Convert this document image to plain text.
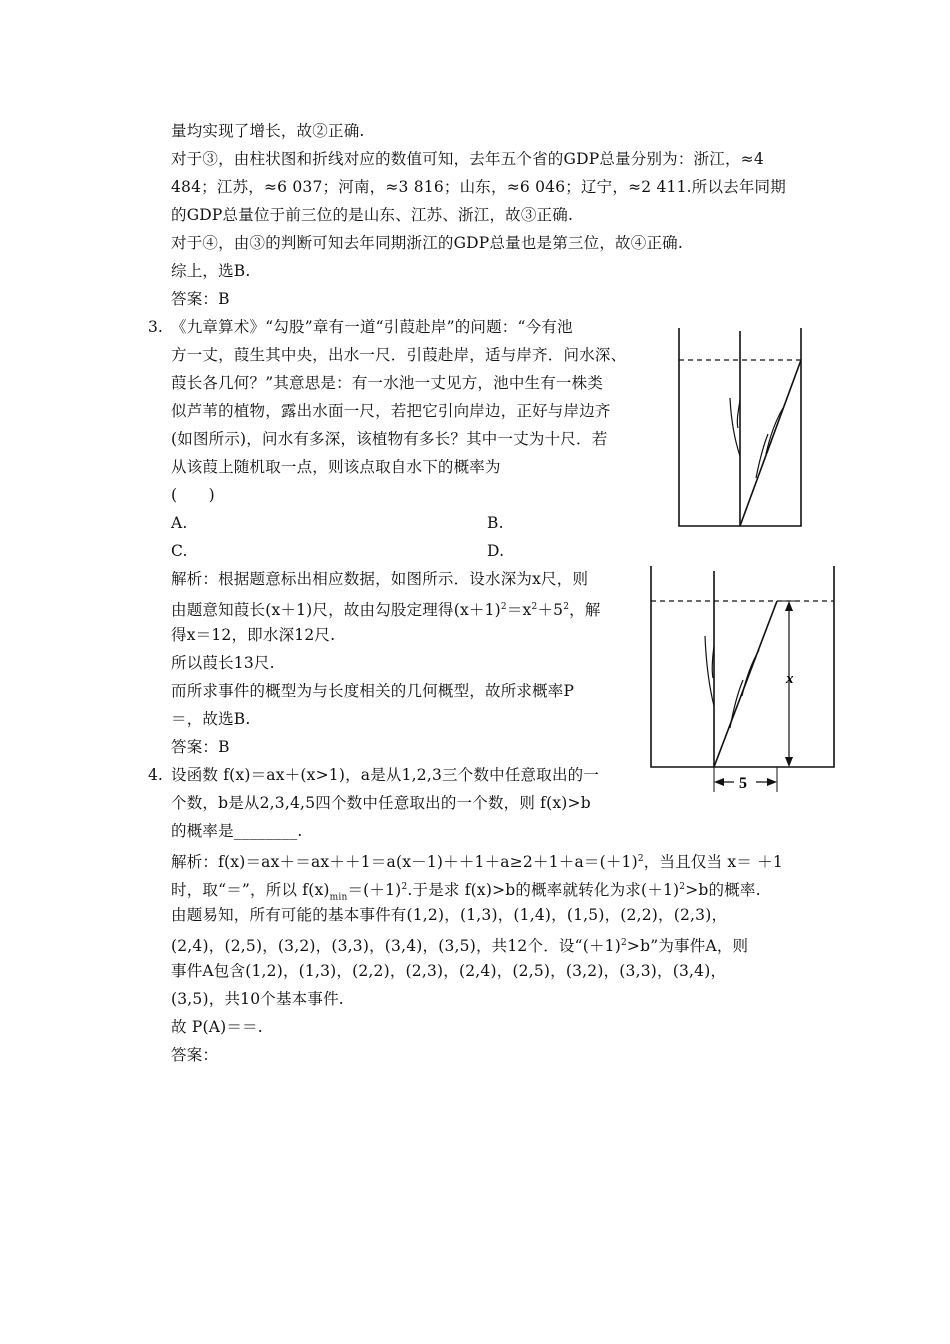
量均实现了增长，故②正确.
对于③，由柱状图和折线对应的数值可知，去年五个省的GDP总量分别为：浙江，≈4
484；江苏，≈6 037；河南，≈3 816；山东，≈6 046；辽宁，≈2 411.所以去年同期
的GDP总量位于前三位的是山东、江苏、浙江，故③正确.
对于④，由③的判断可知去年同期浙江的GDP总量也是第三位，故④正确.
综上，选B.
答案：B
3. 《九章算术》“勾股”章有一道“引葭赴岸”的问题：“今有池
方一丈，葭生其中央，出水一尺．引葭赴岸，适与岸齐．问水深、
葭长各几何？”其意思是：有一水池一丈见方，池中生有一株类
似芦苇的植物，露出水面一尺，若把它引向岸边，正好与岸边齐
(如图所示)，问水有多深，该植物有多长？其中一丈为十尺．若
从该葭上随机取一点，则该点取自水下的概率为
(　　)
A.	B.
C.	D.
解析：根据题意标出相应数据，如图所示．设水深为x尺，则
由题意知葭长(x＋1)尺，故由勾股定理得$(x+1)^2=x^2+5^2$，解
得x＝12，即水深12尺.
所以葭长13尺.
而所求事件的概型为与长度相关的几何概型，故所求概率P
＝，故选B.
答案：B
x
5
4. 设函数 f(x)＝ax＋(x>1)，a是从1,2,3三个数中任意取出的一
个数，b是从2,3,4,5四个数中任意取出的一个数，则 f(x)>b
的概率是________.
解析：$f(x)=ax+=ax++1=a(x-1)++1+a\ge 2+1+a=(+1)^2$，当且仅当 x＝ ＋1
时，取“＝”，所以 $f(x)_{min}=(+1)^2$.于是求 f(x)>b的概率就转化为求$(+1)^2>b$的概率.
由题易知，所有可能的基本事件有(1,2)，(1,3)，(1,4)，(1,5)，(2,2)，(2,3)，
(2,4)，(2,5)，(3,2)，(3,3)，(3,4)，(3,5)，共12个．设“$(+1)^2>b$”为事件A，则
事件A包含(1,2)，(1,3)，(2,2)，(2,3)，(2,4)，(2,5)，(3,2)，(3,3)，(3,4)，
(3,5)，共10个基本事件.
故 P(A)＝＝.
答案：
